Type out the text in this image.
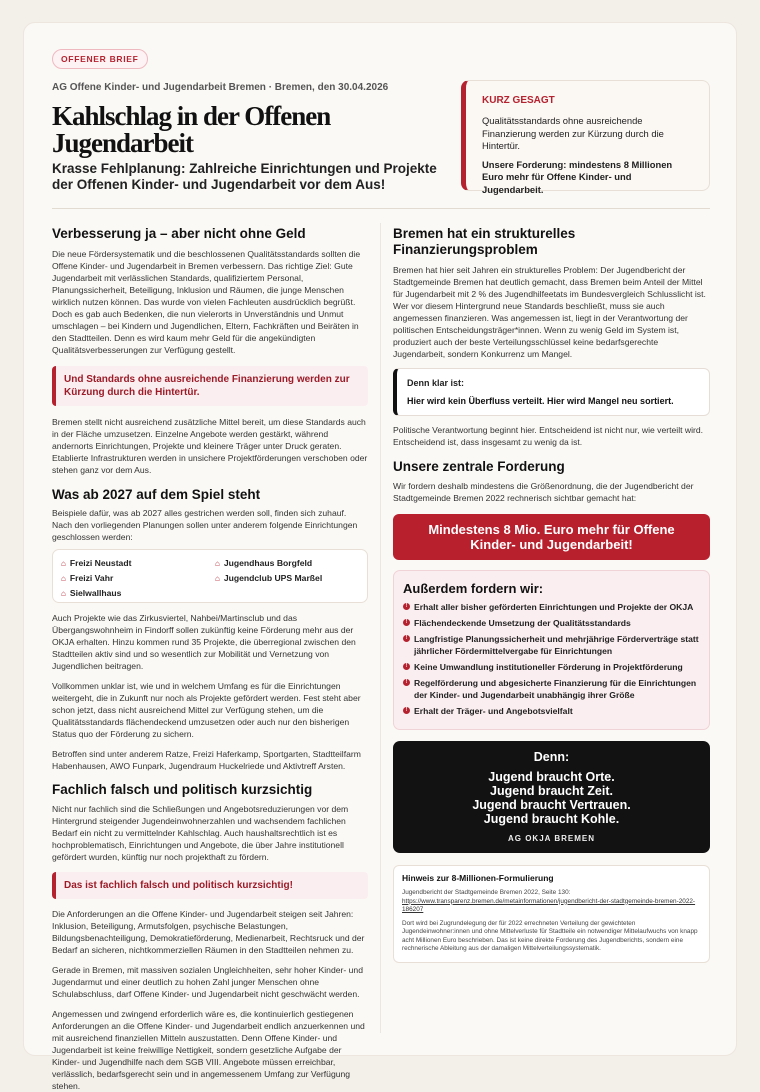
OFFENER BRIEF
AG Offene Kinder- und Jugendarbeit Bremen · Bremen, den 30.04.2026
Kahlschlag in der Offenen Jugendarbeit
Krasse Fehlplanung: Zahlreiche Einrichtungen und Projekte der Offenen Kinder- und Jugendarbeit vor dem Aus!
KURZ GESAGT
Qualitätsstandards ohne ausreichende Finanzierung werden zur Kürzung durch die Hintertür.
Unsere Forderung: mindestens 8 Millionen Euro mehr für Offene Kinder- und Jugendarbeit.
Verbesserung ja – aber nicht ohne Geld
Die neue Fördersystematik und die beschlossenen Qualitätsstandards sollten die Offene Kinder- und Jugendarbeit in Bremen verbessern. Das richtige Ziel: Gute Jugendarbeit mit verlässlichen Standards, qualifiziertem Personal, Planungssicherheit, Beteiligung, Inklusion und Räumen, die junge Menschen wirklich nutzen können. Das wurde von vielen Fachleuten ausdrücklich begrüßt. Doch es gab auch Bedenken, die nun vielerorts in Unverständnis und Unmut umschlagen – bei Kindern und Jugendlichen, Eltern, Fachkräften und Beiräten in den Stadtteilen. Denn es wird kaum mehr Geld für die angekündigten Qualitätsverbesserungen zur Verfügung gestellt.
Und Standards ohne ausreichende Finanzierung werden zur Kürzung durch die Hintertür.
Bremen stellt nicht ausreichend zusätzliche Mittel bereit, um diese Standards auch in der Fläche umzusetzen. Einzelne Angebote werden gestärkt, während andernorts Einrichtungen, Projekte und kleinere Träger unter Druck geraten. Etablierte Infrastrukturen werden in unsichere Projektförderungen verschoben oder stehen ganz vor dem Aus.
Was ab 2027 auf dem Spiel steht
Beispiele dafür, was ab 2027 alles gestrichen werden soll, finden sich zuhauf. Nach den vorliegenden Planungen sollen unter anderem folgende Einrichtungen geschlossen werden:
⌂ Freizi Neustadt	⌂ Jugendhaus Borgfeld
⌂ Freizi Vahr	⌂ Jugendclub UPS Marßel
⌂ Sielwallhaus
Auch Projekte wie das Zirkusviertel, Nahbei/Martinsclub und das Übergangswohnheim in Findorff sollen zukünftig keine Förderung mehr aus der OKJA erhalten. Hinzu kommen rund 35 Projekte, die überregional zwischen den Stadtteilen aktiv sind und so wesentlich zur Mobilität und Vernetzung von Jugendlichen beitragen.
Vollkommen unklar ist, wie und in welchem Umfang es für die Einrichtungen weitergeht, die in Zukunft nur noch als Projekte gefördert werden. Fest steht aber schon jetzt, dass nicht ausreichend Mittel zur Verfügung stehen, um die Qualitätsstandards flächendeckend umzusetzen oder auch nur den bisherigen Status quo der Förderung zu sichern.
Betroffen sind unter anderem Ratze, Freizi Haferkamp, Sportgarten, Stadtteilfarm Habenhausen, AWO Funpark, Jugendraum Huckelriede und Aktivtreff Arsten.
Fachlich falsch und politisch kurzsichtig
Nicht nur fachlich sind die Schließungen und Angebotsreduzierungen vor dem Hintergrund steigender Jugendeinwohnerzahlen und wachsendem fachlichen Bedarf ein nicht zu vermittelnder Kahlschlag. Auch haushaltsrechtlich ist es hochproblematisch, Einrichtungen und Angebote, die über Jahre institutionell gefördert wurden, künftig nur noch projekthaft zu fördern.
Das ist fachlich falsch und politisch kurzsichtig!
Die Anforderungen an die Offene Kinder- und Jugendarbeit steigen seit Jahren: Inklusion, Beteiligung, Armutsfolgen, psychische Belastungen, Bildungsbenachteiligung, Demokratieförderung, Medienarbeit, Rechtsruck und der Bedarf an sicheren, nichtkommerziellen Räumen in den Stadtteilen nehmen zu.
Gerade in Bremen, mit massiven sozialen Ungleichheiten, sehr hoher Kinder- und Jugendarmut und einer deutlich zu hohen Zahl junger Menschen ohne Schulabschluss, darf Offene Kinder- und Jugendarbeit nicht geschwächt werden.
Angemessen und zwingend erforderlich wäre es, die kontinuierlich gestiegenen Anforderungen an die Offene Kinder- und Jugendarbeit endlich anzuerkennen und mit ausreichend finanziellen Mitteln auszustatten. Denn Offene Kinder- und Jugendarbeit ist keine freiwillige Nettigkeit, sondern gesetzliche Aufgabe der Kinder- und Jugendhilfe nach dem SGB VIII. Angebote müssen erreichbar, verlässlich, bedarfsgerecht sein und in angemessenem Umfang zur Verfügung stehen.
Bremen hat ein strukturelles Finanzierungsproblem
Bremen hat hier seit Jahren ein strukturelles Problem: Der Jugendbericht der Stadtgemeinde Bremen hat deutlich gemacht, dass Bremen beim Anteil der Mittel für Jugendarbeit mit 2 % des Jugendhilfeetats im Bundesvergleich Schlusslicht ist. Wer vor diesem Hintergrund neue Standards beschließt, muss sie auch angemessen finanzieren. Was angemessen ist, liegt in der Verantwortung der politischen Entscheidungsträger*innen. Wenn zu wenig Geld im System ist, produziert auch der beste Verteilungsschlüssel keine bedarfsgerechte Jugendarbeit, sondern Konkurrenz um Mangel.
Denn klar ist:
Hier wird kein Überfluss verteilt. Hier wird Mangel neu sortiert.
Politische Verantwortung beginnt hier. Entscheidend ist nicht nur, wie verteilt wird. Entscheidend ist, dass insgesamt zu wenig da ist.
Unsere zentrale Forderung
Wir fordern deshalb mindestens die Größenordnung, die der Jugendbericht der Stadtgemeinde Bremen 2022 rechnerisch sichtbar gemacht hat:
Mindestens 8 Mio. Euro mehr für Offene Kinder- und Jugendarbeit!
Außerdem fordern wir:
! Erhalt aller bisher geförderten Einrichtungen und Projekte der OKJA
! Flächendeckende Umsetzung der Qualitätsstandards
! Langfristige Planungssicherheit und mehrjährige Förderverträge statt jährlicher Fördermittelvergabe für Einrichtungen
! Keine Umwandlung institutioneller Förderung in Projektförderung
! Regelförderung und abgesicherte Finanzierung für die Einrichtungen der Kinder- und Jugendarbeit unabhängig ihrer Größe
! Erhalt der Träger- und Angebotsvielfalt
Denn:
Jugend braucht Orte.
Jugend braucht Zeit.
Jugend braucht Vertrauen.
Jugend braucht Kohle.
AG OKJA BREMEN
Hinweis zur 8-Millionen-Formulierung
Jugendbericht der Stadtgemeinde Bremen 2022, Seite 130:
https://www.transparenz.bremen.de/metainformationen/jugendbericht-der-stadtgemeinde-bremen-2022-186207
Dort wird bei Zugrundelegung der für 2022 errechneten Verteilung der gewichteten Jugendeinwohner:innen und ohne Mittelverluste für Stadtteile ein notwendiger Mittelaufwuchs von knapp acht Millionen Euro beschrieben. Das ist keine direkte Forderung des Jugendberichts, sondern eine rechnerische Ableitung aus der damaligen Mittelverteilungssystematik.
